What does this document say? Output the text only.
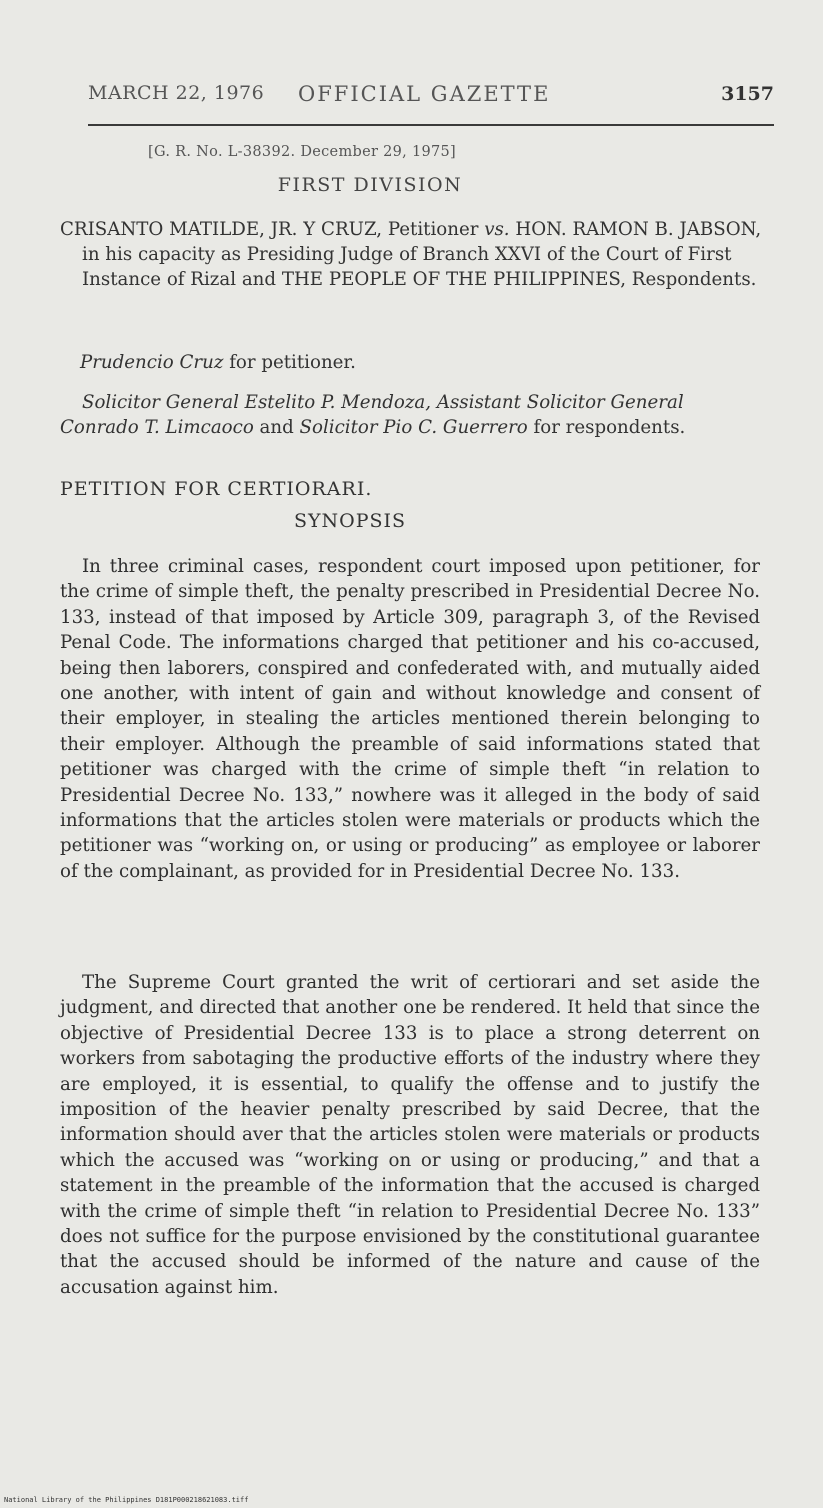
MARCH 22, 1976 OFFICIAL GAZETTE	3157
[G. R. No. L-38392. December 29, 1975]
FIRST DIVISION
CRISANTO MATILDE, JR. Y CRUZ, Petitioner vs. HON. RAMON B. JABSON, in his capacity as Presiding Judge of Branch XXVI of the Court of First Instance of Rizal and THE PEOPLE OF THE PHILIPPINES, Respondents.
Prudencio Cruz for petitioner.
Solicitor General Estelito P. Mendoza, Assistant Solicitor General Conrado T. Limcaoco and Solicitor Pio C. Guerrero for respondents.
PETITION FOR CERTIORARI.
SYNOPSIS
In three criminal cases, respondent court imposed upon petitioner, for the crime of simple theft, the penalty prescribed in Presidential Decree No. 133, instead of that imposed by Article 309, paragraph 3, of the Revised Penal Code. The informations charged that petitioner and his co-accused, being then laborers, conspired and confederated with, and mutually aided one another, with intent of gain and without knowledge and consent of their employer, in stealing the articles mentioned therein belonging to their employer. Although the preamble of said informations stated that petitioner was charged with the crime of simple theft “in relation to Presidential Decree No. 133,” nowhere was it alleged in the body of said informations that the articles stolen were materials or products which the petitioner was “working on, or using or producing” as employee or laborer of the complainant, as provided for in Presidential Decree No. 133.
The Supreme Court granted the writ of certiorari and set aside the judgment, and directed that another one be rendered. It held that since the objective of Presidential Decree 133 is to place a strong deterrent on workers from sabotaging the productive efforts of the industry where they are employed, it is essential, to qualify the offense and to justify the imposition of the heavier penalty prescribed by said Decree, that the information should aver that the articles stolen were materials or products which the accused was “working on or using or producing,” and that a statement in the preamble of the information that the accused is charged with the crime of simple theft “in relation to Presidential Decree No. 133” does not suffice for the purpose envisioned by the constitutional guarantee that the accused should be informed of the nature and cause of the accusation against him.
National Library of the Philippines D181P000218621083.tiff
